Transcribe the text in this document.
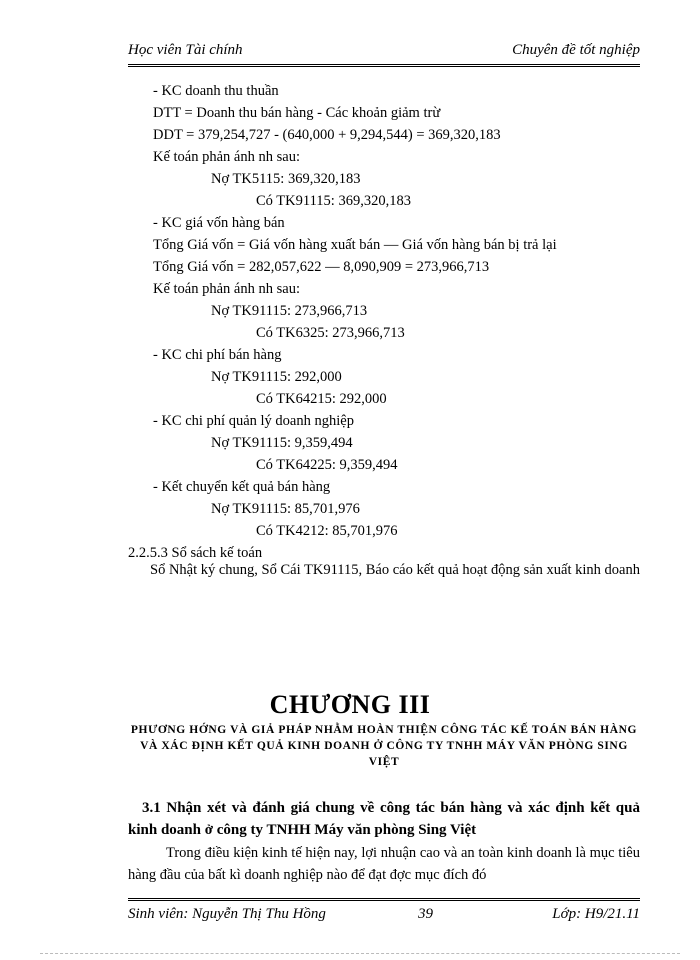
Học viên Tài chính	Chuyên đề tốt nghiệp
- KC doanh thu thuần
DTT = Doanh thu bán hàng - Các khoản giảm trừ
DDT = 379,254,727 - (640,000 + 9,294,544) = 369,320,183
Kế toán phản ánh nh sau:
Nợ TK5115: 369,320,183
Có TK91115: 369,320,183
- KC giá vốn hàng bán
Tổng Giá vốn = Giá vốn hàng xuất bán — Giá vốn hàng bán bị trả lại
Tổng Giá vốn = 282,057,622 — 8,090,909 = 273,966,713
Kế toán phản ánh nh sau:
Nợ TK91115: 273,966,713
Có TK6325: 273,966,713
- KC chi phí bán hàng
Nợ TK91115: 292,000
Có TK64215: 292,000
- KC chi phí quản lý doanh nghiệp
Nợ TK91115: 9,359,494
Có TK64225: 9,359,494
- Kết chuyển kết quả bán hàng
Nợ TK91115: 85,701,976
Có TK4212: 85,701,976
2.2.5.3 Sổ sách kế toán
Sổ Nhật ký chung, Sổ Cái TK91115, Báo cáo kết quả hoạt động sản xuất kinh doanh
CHƯƠNG III
PHƯƠNG HỚNG VÀ GIẢ PHÁP NHẰM HOÀN THIỆN CÔNG TÁC KẾ TOÁN BÁN HÀNG VÀ XÁC ĐỊNH KẾT QUẢ KINH DOANH Ở CÔNG TY TNHH MÁY VĂN PHÒNG SING VIỆT
3.1 Nhận xét và đánh giá chung về công tác bán hàng và xác định kết quả kinh doanh ở công ty TNHH Máy văn phòng Sing Việt
Trong điều kiện kinh tế hiện nay, lợi nhuận cao và an toàn kinh doanh là mục tiêu hàng đầu của bất kì doanh nghiệp nào để đạt đợc mục đích đó
Sinh viên: Nguyễn Thị Thu Hồng	39	Lớp: H9/21.11
